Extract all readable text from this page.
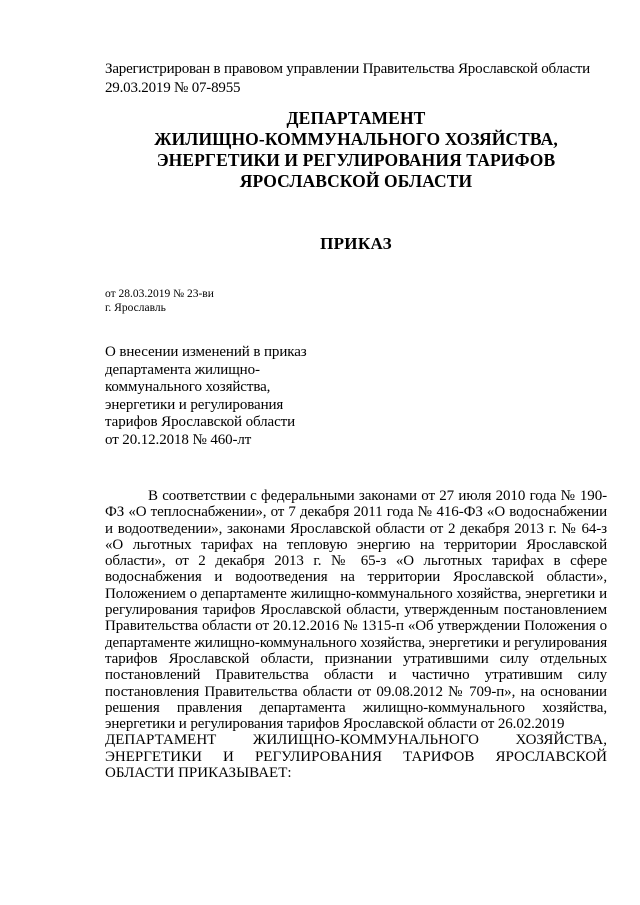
Зарегистрирован в правовом управлении Правительства Ярославской области
29.03.2019 № 07-8955
ДЕПАРТАМЕНТ
ЖИЛИЩНО-КОММУНАЛЬНОГО ХОЗЯЙСТВА,
ЭНЕРГЕТИКИ И РЕГУЛИРОВАНИЯ ТАРИФОВ
ЯРОСЛАВСКОЙ ОБЛАСТИ
ПРИКАЗ
от 28.03.2019 № 23-ви
г. Ярославль
О внесении изменений в приказ
департамента жилищно-
коммунального хозяйства,
энергетики и регулирования
тарифов Ярославской области
от 20.12.2018 № 460-лт

В соответствии с федеральными законами от 27 июля 2010 года № 190-ФЗ «О теплоснабжении», от 7 декабря 2011 года № 416-ФЗ «О водоснабжении и водоотведении», законами Ярославской области от 2 декабря 2013 г. № 64-з «О льготных тарифах на тепловую энергию на территории Ярославской области», от 2 декабря 2013 г. № 65-з «О льготных тарифах в сфере водоснабжения и водоотведения на территории Ярославской области», Положением о департаменте жилищно-коммунального хозяйства, энергетики и регулирования тарифов Ярославской области, утвержденным постановлением Правительства области от 20.12.2016 № 1315-п «Об утверждении Положения о департаменте жилищно-коммунального хозяйства, энергетики и регулирования тарифов Ярославской области, признании утратившими силу отдельных постановлений Правительства области и частично утратившим силу постановления Правительства области от 09.08.2012 № 709-п», на основании решения правления департамента жилищно-коммунального хозяйства, энергетики и регулирования тарифов Ярославской области от 26.02.2019

ДЕПАРТАМЕНТ ЖИЛИЩНО-КОММУНАЛЬНОГО ХОЗЯЙСТВА, ЭНЕРГЕТИКИ И РЕГУЛИРОВАНИЯ ТАРИФОВ ЯРОСЛАВСКОЙ ОБЛАСТИ ПРИКАЗЫВАЕТ:
